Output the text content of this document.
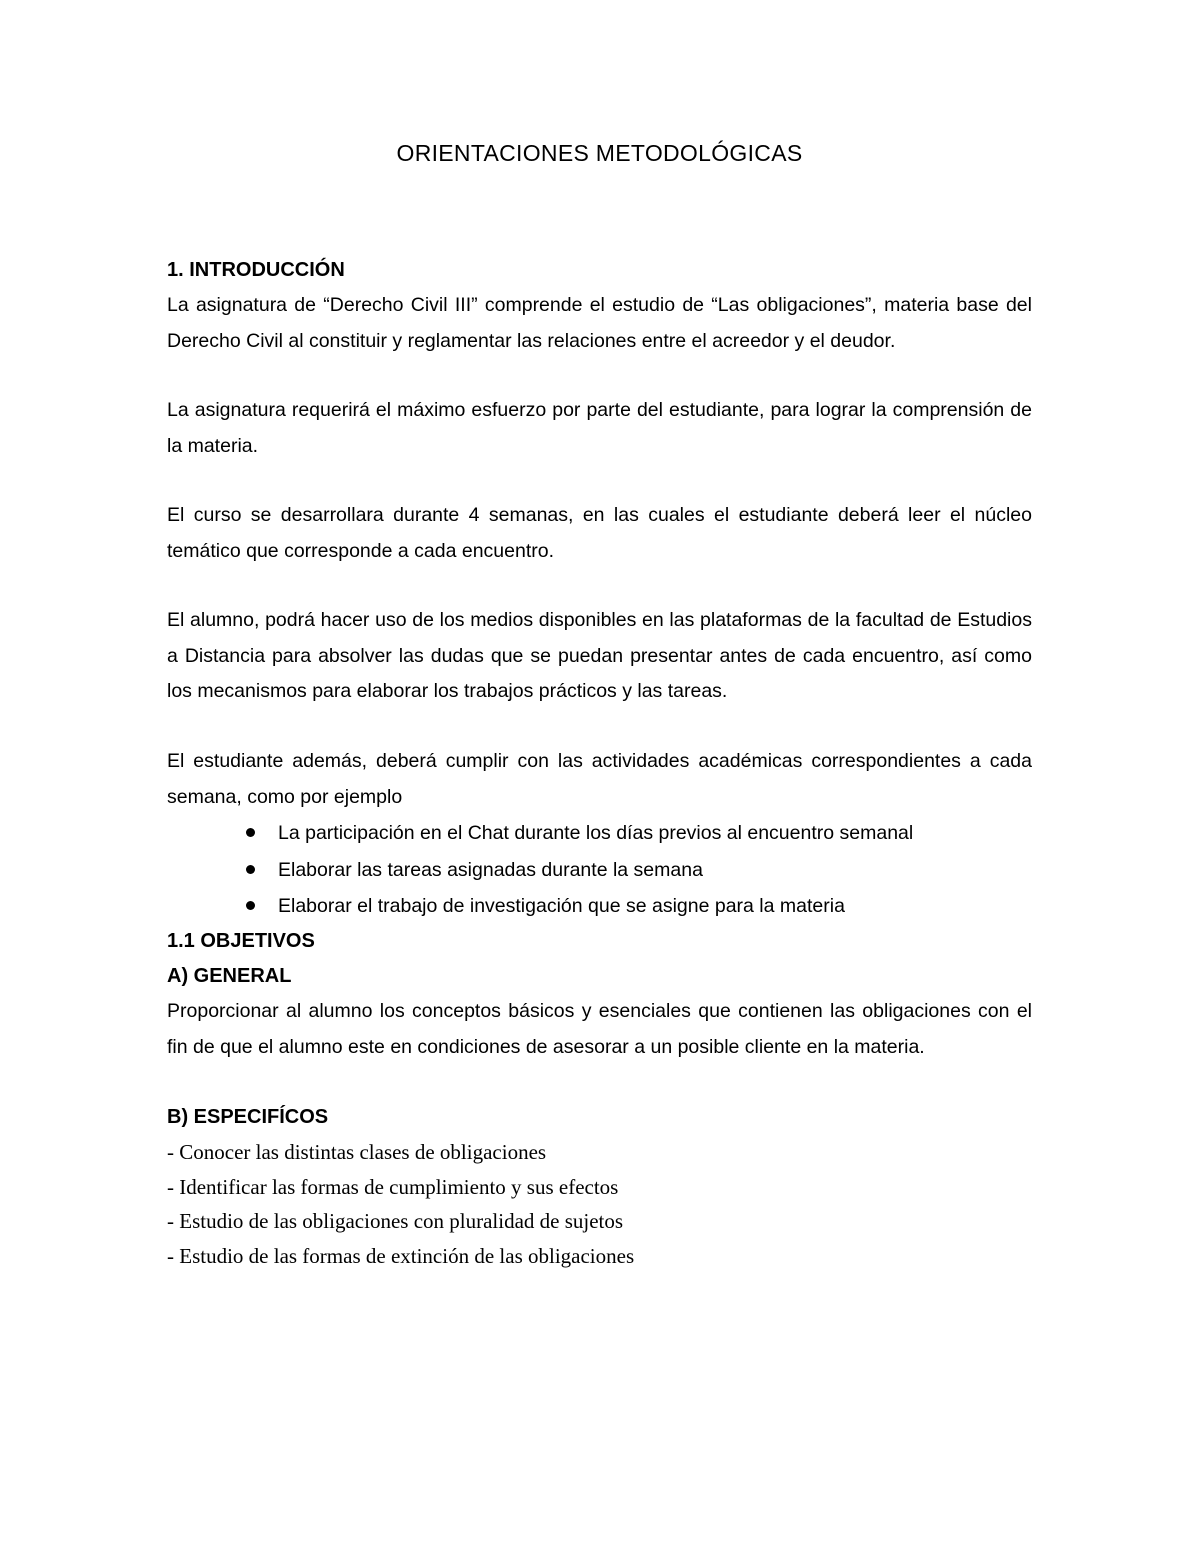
ORIENTACIONES METODOLÓGICAS

1. INTRODUCCIÓN

La asignatura de “Derecho Civil III” comprende el estudio de “Las obligaciones”, materia base del Derecho Civil al constituir y reglamentar las relaciones entre el acreedor y el deudor.

La asignatura requerirá el máximo esfuerzo por parte del estudiante, para lograr la comprensión de la materia.

El curso se desarrollara durante 4 semanas, en las cuales el estudiante deberá leer el núcleo temático que corresponde a cada encuentro.

El alumno, podrá hacer uso de los medios disponibles en las plataformas de la facultad de Estudios a Distancia para absolver las dudas que se puedan presentar antes de cada encuentro, así como los mecanismos para elaborar los trabajos prácticos y las tareas.

El estudiante además, deberá cumplir con las actividades académicas correspondientes a cada semana, como por ejemplo

La participación en el Chat durante los días previos al encuentro semanal
Elaborar las tareas asignadas durante la semana
Elaborar el trabajo de investigación que se asigne para la materia

1.1 OBJETIVOS

A) GENERAL

Proporcionar al alumno los conceptos básicos y esenciales que contienen las obligaciones con el fin de que el alumno este en condiciones de asesorar a un posible cliente en la materia.

B) ESPECIFÍCOS

- Conocer las distintas clases de obligaciones

- Identificar las formas de cumplimiento y sus efectos

- Estudio de las obligaciones con pluralidad de sujetos

- Estudio de las formas de extinción de las obligaciones
